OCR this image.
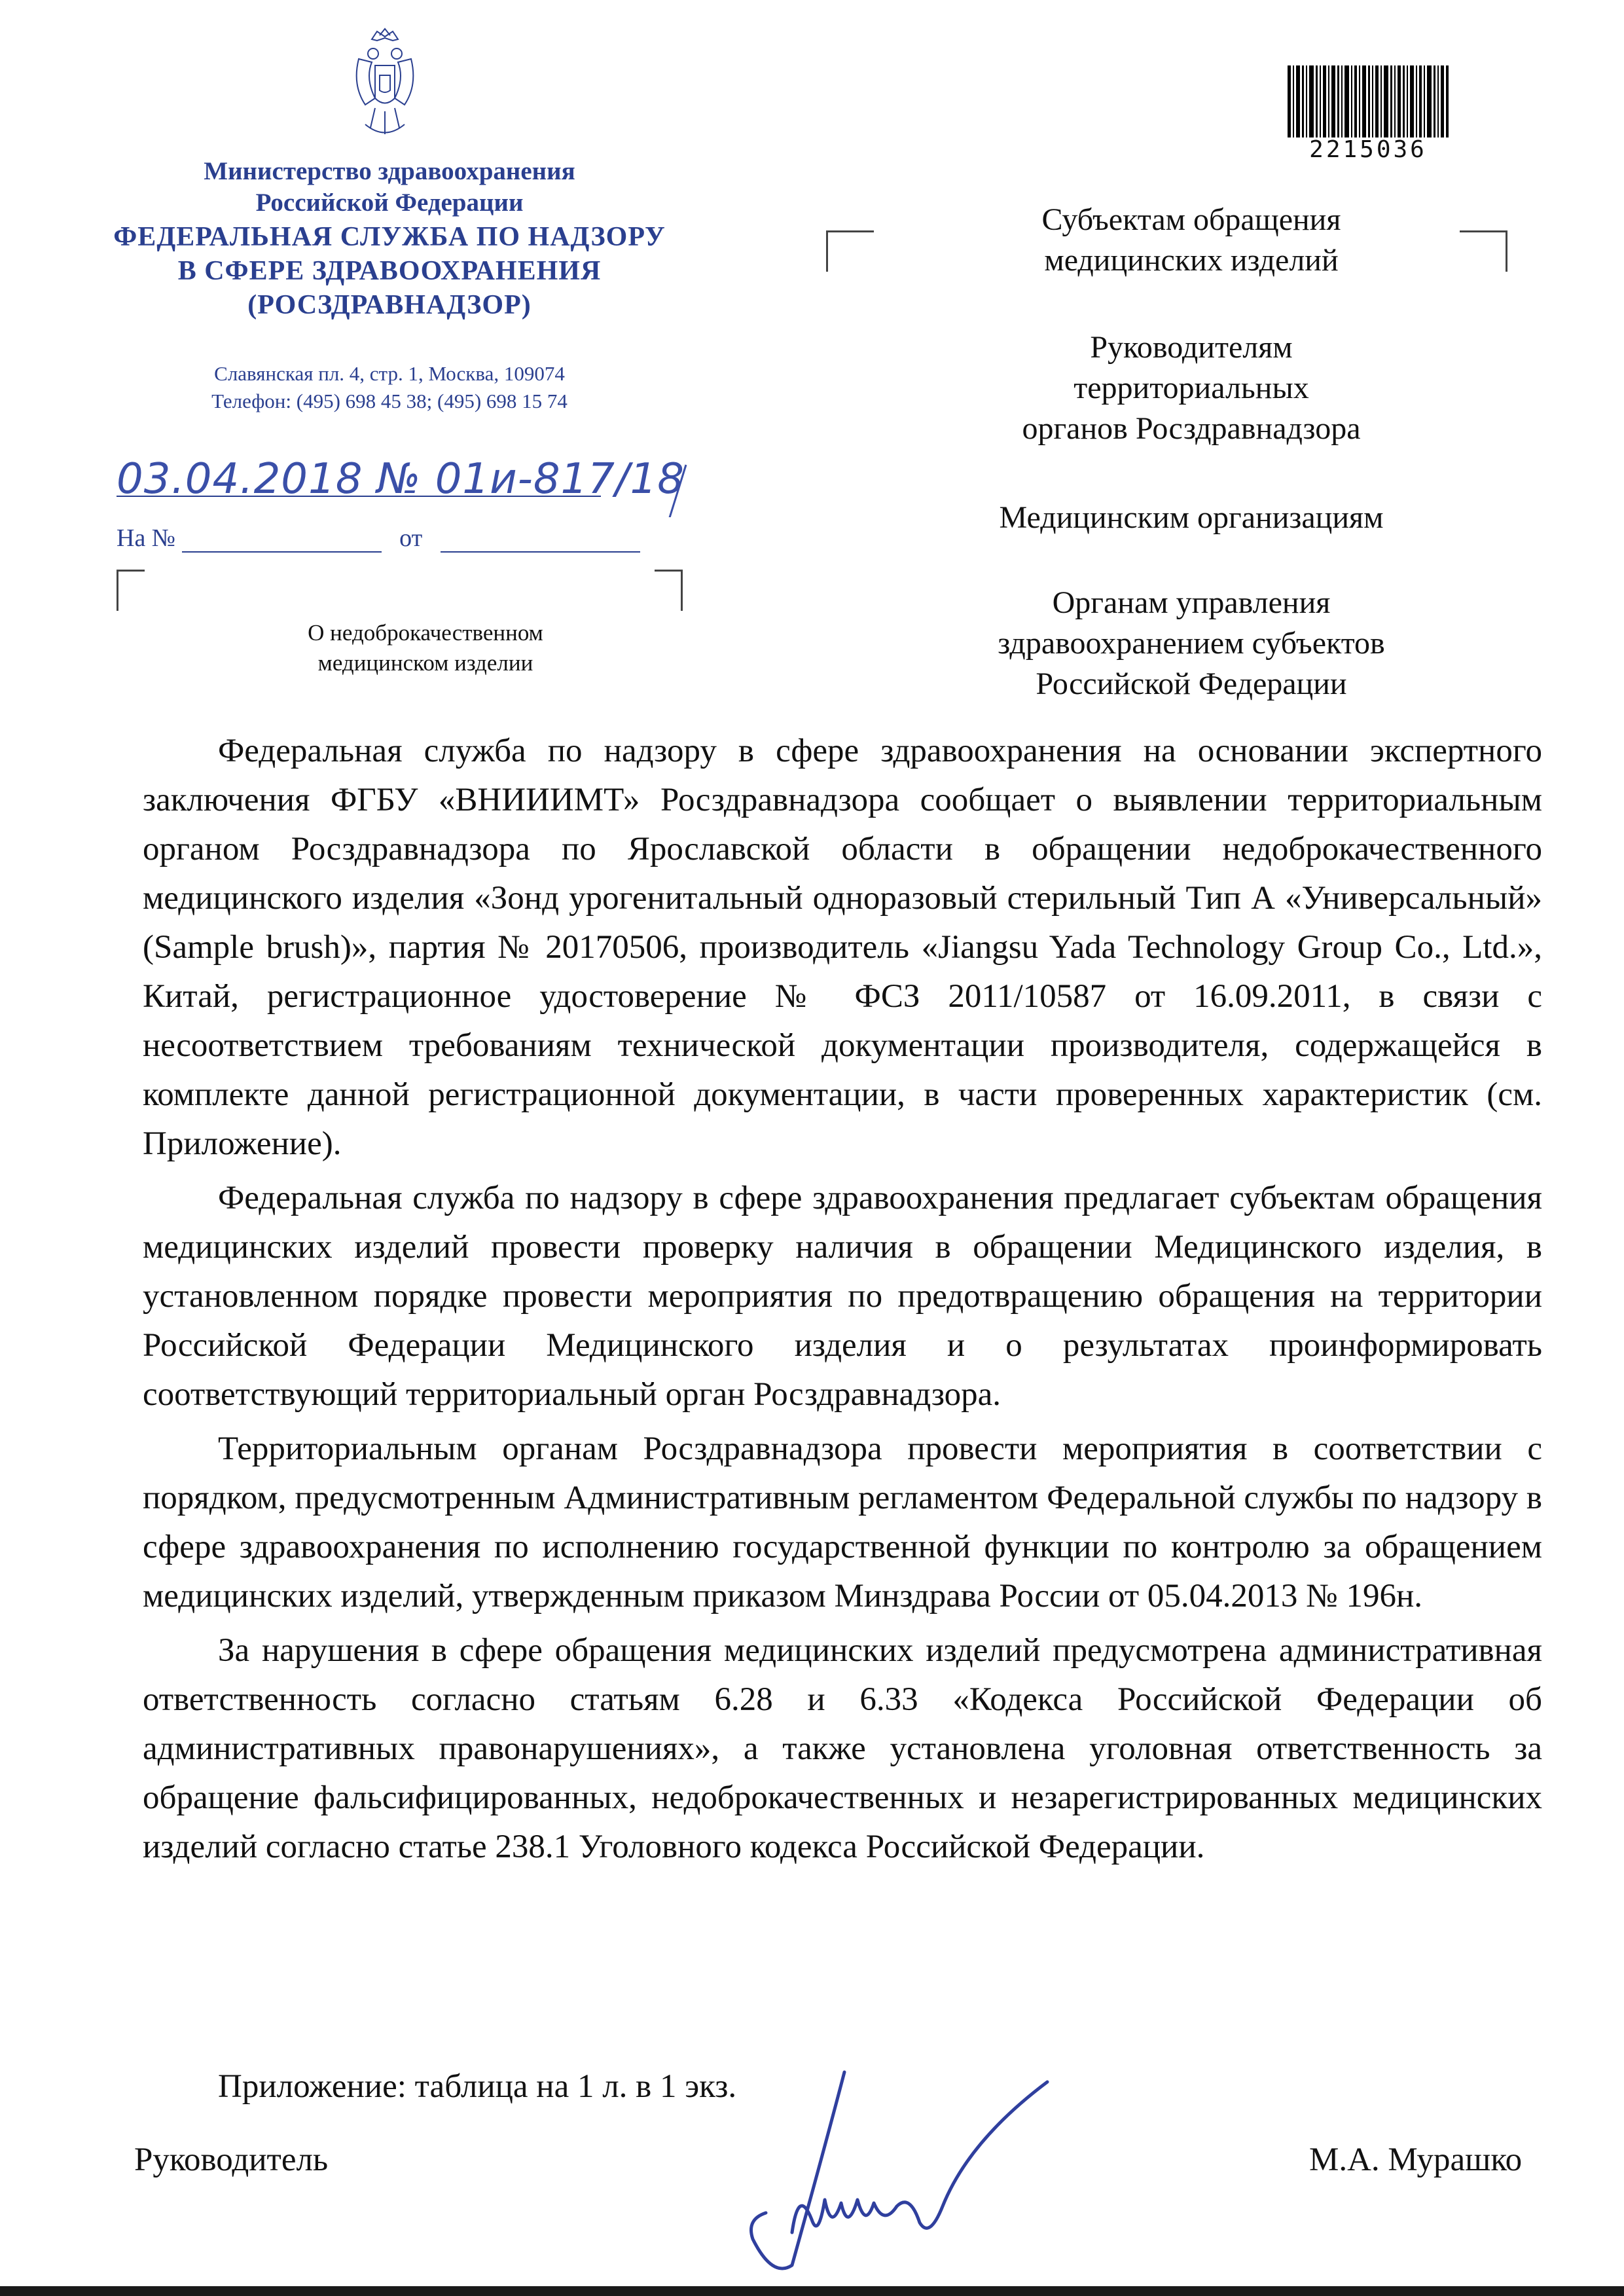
Министерство здравоохранения
Российской Федерации
ФЕДЕРАЛЬНАЯ СЛУЖБА ПО НАДЗОРУ
В СФЕРЕ ЗДРАВООХРАНЕНИЯ
(РОСЗДРАВНАДЗОР)
Славянская пл. 4, стр. 1, Москва, 109074
Телефон: (495) 698 45 38; (495) 698 15 74
03.04.2018 № 01и-817/18
На №	от
О недоброкачественном
медицинском изделии
2215036
Субъектам обращения
медицинских изделий
Руководителям
территориальных
органов Росздравнадзора
Медицинским организациям
Органам управления
здравоохранением субъектов
Российской Федерации

Федеральная служба по надзору в сфере здравоохранения на основании экспертного заключения ФГБУ «ВНИИИМТ» Росздравнадзора сообщает о выявлении территориальным органом Росздравнадзора по Ярославской области в обращении недоброкачественного медицинского изделия «Зонд урогенитальный одноразовый стерильный Тип А «Универсальный» (Sample brush)», партия № 20170506, производитель «Jiangsu Yada Technology Group Co., Ltd.», Китай, регистрационное удостоверение № ФСЗ 2011/10587 от 16.09.2011, в связи с несоответствием требованиям технической документации производителя, содержащейся в комплекте данной регистрационной документации, в части проверенных характеристик (см. Приложение).

Федеральная служба по надзору в сфере здравоохранения предлагает субъектам обращения медицинских изделий провести проверку наличия в обращении Медицинского изделия, в установленном порядке провести мероприятия по предотвращению обращения на территории Российской Федерации Медицинского изделия и о результатах проинформировать соответствующий территориальный орган Росздравнадзора.

Территориальным органам Росздравнадзора провести мероприятия в соответствии с порядком, предусмотренным Административным регламентом Федеральной службы по надзору в сфере здравоохранения по исполнению государственной функции по контролю за обращением медицинских изделий, утвержденным приказом Минздрава России от 05.04.2013 № 196н.

За нарушения в сфере обращения медицинских изделий предусмотрена административная ответственность согласно статьям 6.28 и 6.33 «Кодекса Российской Федерации об административных правонарушениях», а также установлена уголовная ответственность за обращение фальсифицированных, недоброкачественных и незарегистрированных медицинских изделий согласно статье 238.1 Уголовного кодекса Российской Федерации.

Приложение: таблица на 1 л. в 1 экз.
Руководитель	М.А. Мурашко
